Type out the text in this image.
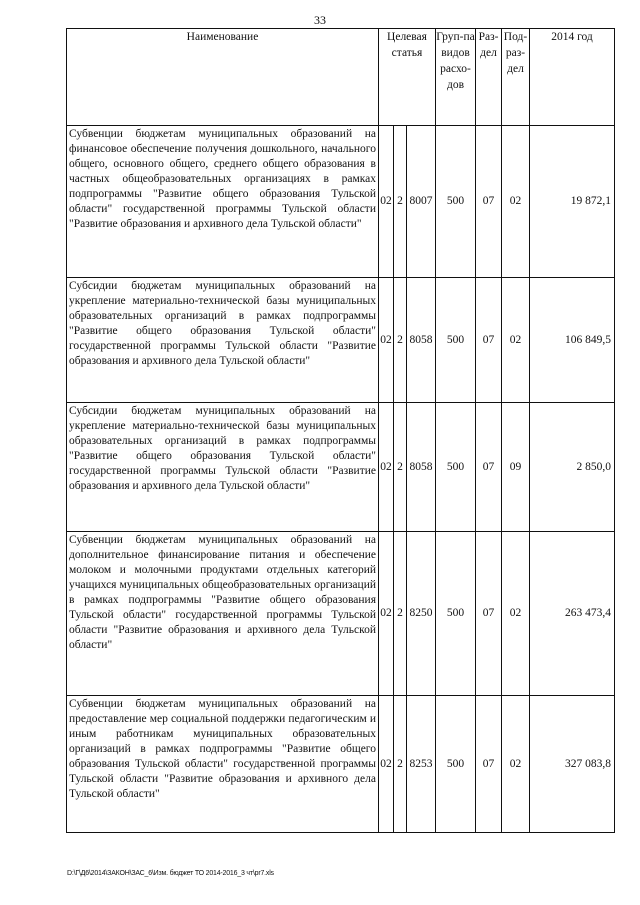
33
Наименование	Целевая статья			Груп-па видов расхо-дов	Раз-дел	Под-раз-дел	2014 год
Субвенции бюджетам муниципальных образований на финансовое обеспечение получения дошкольного, начального общего, основного общего, среднего общего образования в частных общеобразовательных организациях в рамках подпрограммы "Развитие общего образования Тульской области" государственной программы Тульской области "Развитие образования и архивного дела Тульской области"	02	2	8007	500	07	02	19 872,1
Субсидии бюджетам муниципальных образований на укрепление материально-технической базы муниципальных образовательных организаций в рамках подпрограммы "Развитие общего образования Тульской области" государственной программы Тульской области "Развитие образования и архивного дела Тульской области"	02	2	8058	500	07	02	106 849,5
Субсидии бюджетам муниципальных образований на укрепление материально-технической базы муниципальных образовательных организаций в рамках подпрограммы "Развитие общего образования Тульской области" государственной программы Тульской области "Развитие образования и архивного дела Тульской области"	02	2	8058	500	07	09	2 850,0
Субвенции бюджетам муниципальных образований на дополнительное финансирование питания и обеспечение молоком и молочными продуктами отдельных категорий учащихся муниципальных общеобразовательных организаций в рамках подпрограммы "Развитие общего образования Тульской области" государственной программы Тульской области "Развитие образования и архивного дела Тульской области"	02	2	8250	500	07	02	263 473,4
Субвенции бюджетам муниципальных образований на предоставление мер социальной поддержки педагогическим и иным работникам муниципальных образовательных организаций в рамках подпрограммы "Развитие общего образования Тульской области" государственной программы Тульской области "Развитие образования и архивного дела Тульской области"	02	2	8253	500	07	02	327 083,8
D:\Г\Д6\2014\ЗАКОН\ЗАС_6\Изм. бюджет ТО 2014-2016_3 чт\pr7.xls
